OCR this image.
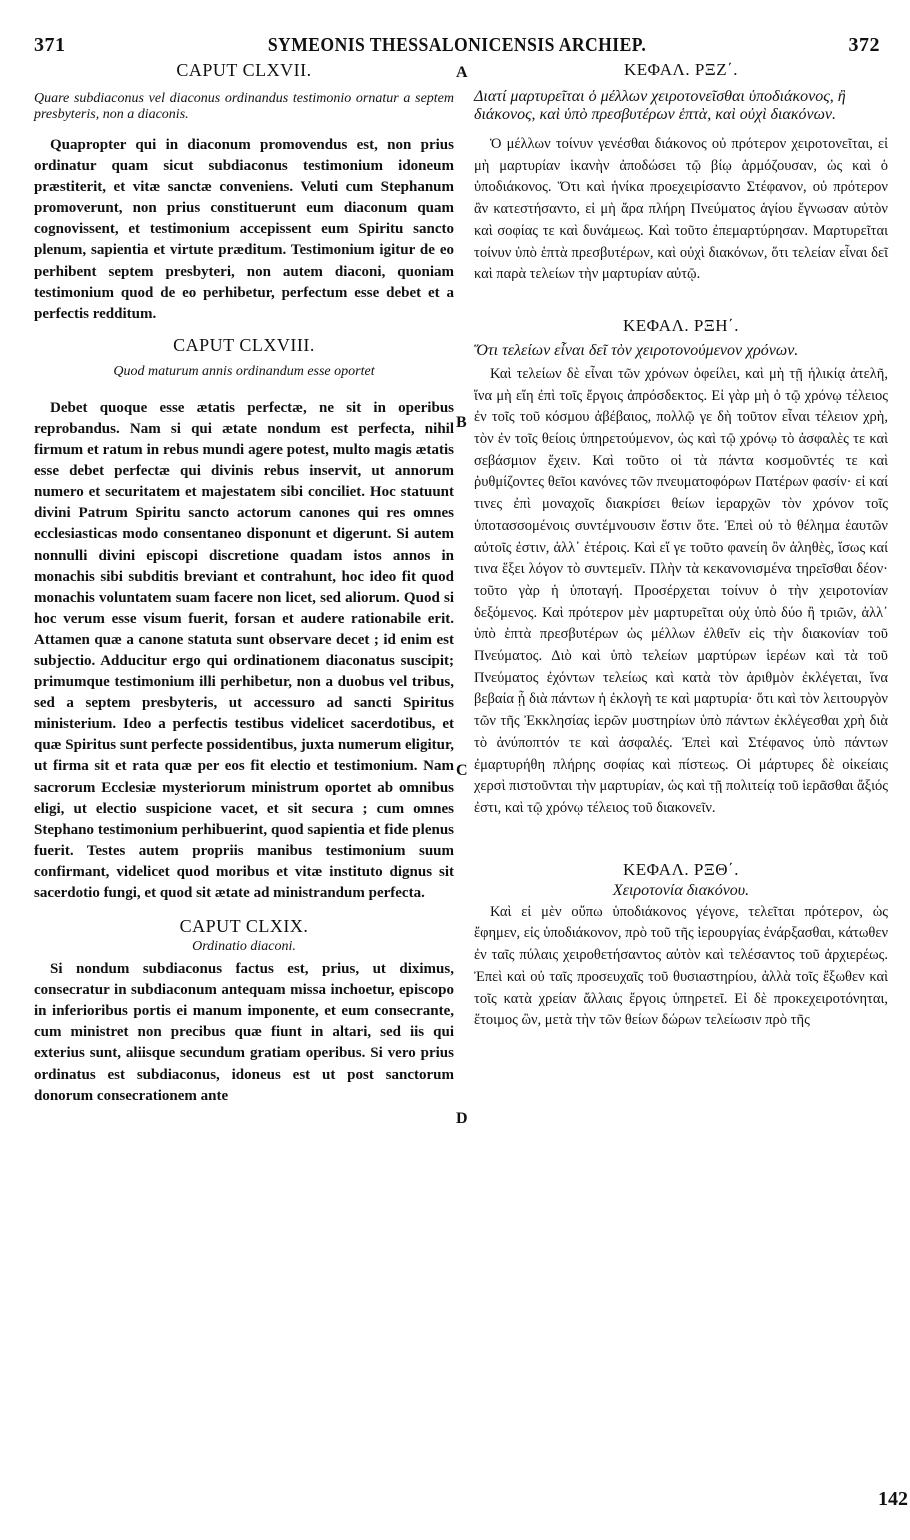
371	SYMEONIS THESSALONICENSIS ARCHIEP.	372
CAPUT CLXVII.

Quare subdiaconus vel diaconus ordinandus testimonio ornatur a septem presbyteris, non a diaconis.

Quapropter qui in diaconum promovendus est, non prius ordinatur quam sicut subdiaconus testimonium idoneum præstiterit, et vitæ sanctæ conveniens. Veluti cum Stephanum promoverunt, non prius constituerunt eum diaconum quam cognovissent, et testimonium accepissent eum Spiritu sancto plenum, sapientia et virtute præditum. Testimonium igitur de eo perhibent septem presbyteri, non autem diaconi, quoniam testimonium quod de eo perhibetur, perfectum esse debet et a perfectis redditum.

CAPUT CLXVIII.

Quod maturum annis ordinandum esse oportet

Debet quoque esse ætatis perfectæ, ne sit in operibus reprobandus. Nam si qui ætate nondum est perfecta, nihil firmum et ratum in rebus mundi agere potest, multo magis ætatis esse debet perfectæ qui divinis rebus inservit, ut annorum numero et securitatem et majestatem sibi conciliet. Hoc statuunt divini Patrum Spiritu sancto actorum canones qui res omnes ecclesiasticas modo consentaneo disponunt et digerunt. Si autem nonnulli divini episcopi discretione quadam istos annos in monachis sibi subditis breviant et contrahunt, hoc ideo fit quod monachis voluntatem suam facere non licet, sed aliorum. Quod si hoc verum esse visum fuerit, forsan et audere rationabile erit. Attamen quæ a canone statuta sunt observare decet ; id enim est subjectio. Adducitur ergo qui ordinationem diaconatus suscipit; primumque testimonium illi perhibetur, non a duobus vel tribus, sed a septem presbyteris, ut accessuro ad sancti Spiritus ministerium. Ideo a perfectis testibus videlicet sacerdotibus, et quæ Spiritus sunt perfecte possidentibus, juxta numerum eligitur, ut firma sit et rata quæ per eos fit electio et testimonium. Nam sacrorum Ecclesiæ mysteriorum ministrum oportet ab omnibus eligi, ut electio suspicione vacet, et sit secura ; cum omnes Stephano testimonium perhibuerint, quod sapientia et fide plenus fuerit. Testes autem propriis manibus testimonium suum confirmant, videlicet quod moribus et vitæ instituto dignus sit sacerdotio fungi, et quod sit ætate ad ministrandum perfecta.

CAPUT CLXIX.

Ordinatio diaconi.

Si nondum subdiaconus factus est, prius, ut diximus, consecratur in subdiaconum antequam missa inchoetur, episcopo in inferioribus portis ei manum imponente, et eum consecrante, cum ministret non precibus quæ fiunt in altari, sed iis qui exterius sunt, aliisque secundum gratiam operibus. Si vero prius ordinatus est subdiaconus, idoneus est ut post sanctorum donorum consecrationem ante

A
B
C
D
ΚΕΦΑΛ. ΡΞΖ΄.

Διατί μαρτυρεῖται ὁ μέλλων χειροτονεῖσθαι ὑποδιάκονος, ἢ διάκονος, καὶ ὑπὸ πρεσβυτέρων ἑπτὰ, καὶ οὐχὶ διακόνων.

Ὁ μέλλων τοίνυν γενέσθαι διάκονος οὐ πρότερον χειροτονεῖται, εἰ μὴ μαρτυρίαν ἱκανὴν ἀποδώσει τῷ βίῳ ἁρμόζουσαν, ὡς καὶ ὁ ὑποδιάκονος. Ὅτι καὶ ἡνίκα προεχειρίσαντο Στέφανον, οὐ πρότερον ἂν κατεστήσαντο, εἰ μὴ ἄρα πλήρη Πνεύματος ἁγίου ἔγνωσαν αὐτὸν καὶ σοφίας τε καὶ δυνάμεως. Καὶ τοῦτο ἐπεμαρτύρησαν. Μαρτυρεῖται τοίνυν ὑπὸ ἑπτὰ πρεσβυτέρων, καὶ οὐχὶ διακόνων, ὅτι τελείαν εἶναι δεῖ καὶ παρὰ τελείων τὴν μαρτυρίαν αὐτῷ.

ΚΕΦΑΛ. ΡΞΗ΄.

Ὅτι τελείων εἶναι δεῖ τὸν χειροτονούμενον χρόνων.

Καὶ τελείων δὲ εἶναι τῶν χρόνων ὀφείλει, καὶ μὴ τῇ ἡλικίᾳ ἀτελῆ, ἵνα μὴ εἴη ἐπὶ τοῖς ἔργοις ἀπρόσδεκτος. Εἰ γὰρ μὴ ὁ τῷ χρόνῳ τέλειος ἐν τοῖς τοῦ κόσμου ἀβέβαιος, πολλῷ γε δὴ τοῦτον εἶναι τέλειον χρὴ, τὸν ἐν τοῖς θείοις ὑπηρετούμενον, ὡς καὶ τῷ χρόνῳ τὸ ἀσφαλὲς τε καὶ σεβάσμιον ἔχειν. Καὶ τοῦτο οἱ τὰ πάντα κοσμοῦντές τε καὶ ῥυθμίζοντες θεῖοι κανόνες τῶν πνευματοφόρων Πατέρων φασίν· εἰ καί τινες ἐπὶ μοναχοῖς διακρίσει θείων ἱεραρχῶν τὸν χρόνον τοῖς ὑποτασσομένοις συντέμνουσιν ἔστιν ὅτε. Ἐπεὶ οὐ τὸ θέλημα ἑαυτῶν αὐτοῖς ἐστιν, ἀλλ᾽ ἑτέροις. Καὶ εἴ γε τοῦτο φανείη ὂν ἀληθὲς, ἴσως καί τινα ἕξει λόγον τὸ συντεμεῖν. Πλὴν τὰ κεκανονισμένα τηρεῖσθαι δέον· τοῦτο γὰρ ἡ ὑποταγή. Προσέρχεται τοίνυν ὁ τὴν χειροτονίαν δεξόμενος. Καὶ πρότερον μὲν μαρτυρεῖται οὐχ ὑπὸ δύο ἢ τριῶν, ἀλλ᾽ ὑπὸ ἑπτὰ πρεσβυτέρων ὡς μέλλων ἐλθεῖν εἰς τὴν διακονίαν τοῦ Πνεύματος. Διὸ καὶ ὑπὸ τελείων μαρτύρων ἱερέων καὶ τὰ τοῦ Πνεύματος ἐχόντων τελείως καὶ κατὰ τὸν ἀριθμὸν ἐκλέγεται, ἵνα βεβαία ᾖ διὰ πάντων ἡ ἐκλογὴ τε καὶ μαρτυρία· ὅτι καὶ τὸν λειτουργὸν τῶν τῆς Ἐκκλησίας ἱερῶν μυστηρίων ὑπὸ πάντων ἐκλέγεσθαι χρὴ διὰ τὸ ἀνύποπτόν τε καὶ ἀσφαλές. Ἐπεὶ καὶ Στέφανος ὑπὸ πάντων ἐμαρτυρήθη πλήρης σοφίας καὶ πίστεως. Οἱ μάρτυρες δὲ οἰκείαις χερσὶ πιστοῦνται τὴν μαρτυρίαν, ὡς καὶ τῇ πολιτείᾳ τοῦ ἱερᾶσθαι ἄξιός ἐστι, καὶ τῷ χρόνῳ τέλειος τοῦ διακονεῖν.

ΚΕΦΑΛ. ΡΞΘ΄.

Χειροτονία διακόνου.

Καὶ εἰ μὲν οὔπω ὑποδιάκονος γέγονε, τελεῖται πρότερον, ὡς ἔφημεν, εἰς ὑποδιάκονον, πρὸ τοῦ τῆς ἱερουργίας ἐνάρξασθαι, κάτωθεν ἐν ταῖς πύλαις χειροθετήσαντος αὐτὸν καὶ τελέσαντος τοῦ ἀρχιερέως. Ἐπεὶ καὶ οὐ ταῖς προσευχαῖς τοῦ θυσιαστηρίου, ἀλλὰ τοῖς ἔξωθεν καὶ τοῖς κατὰ χρείαν ἄλλαις ἔργοις ὑπηρετεῖ. Εἰ δὲ προκεχειροτόνηται, ἕτοιμος ὢν, μετὰ τὴν τῶν θείων δώρων τελείωσιν πρὸ τῆς

142
